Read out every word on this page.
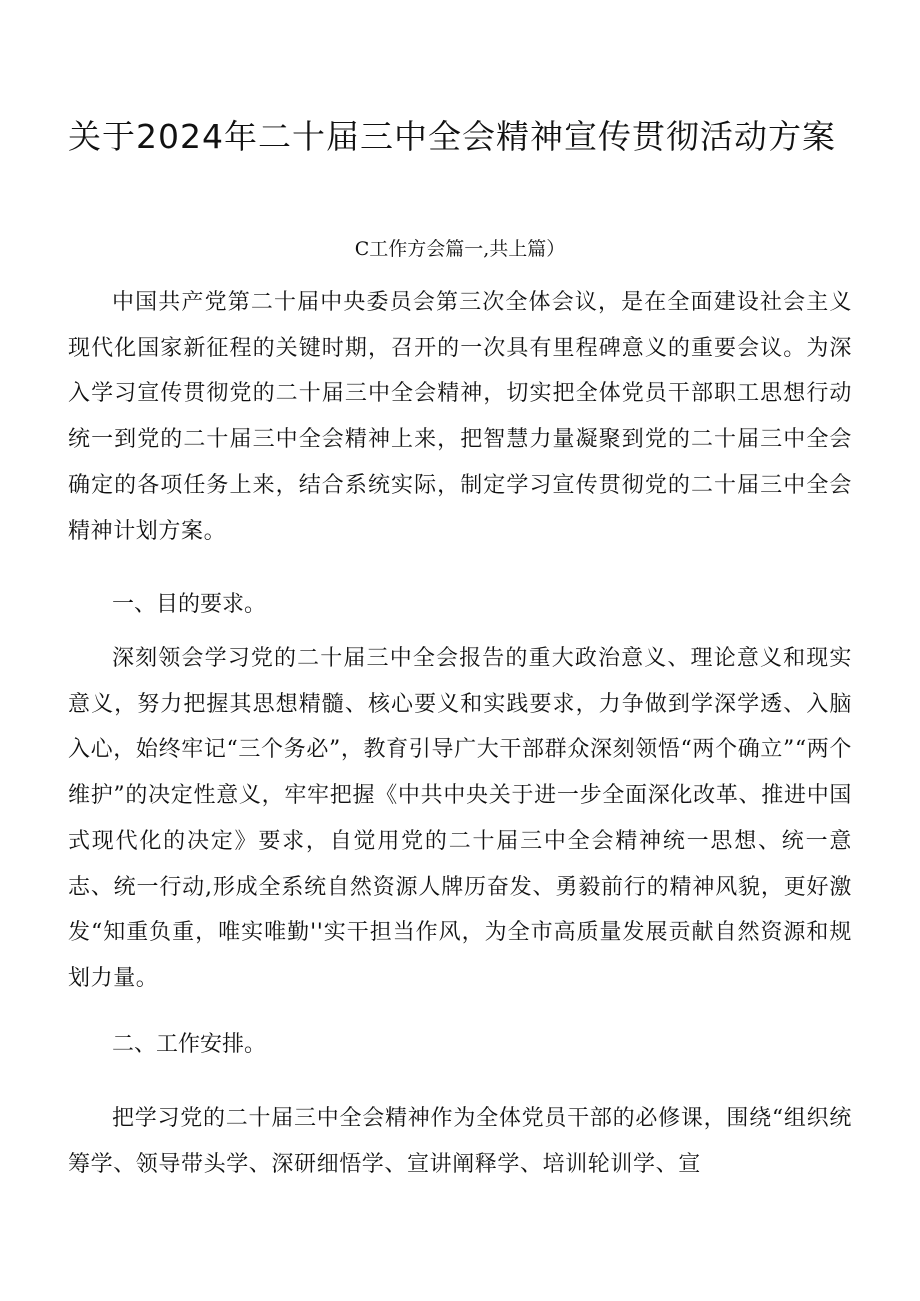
关于2024年二十届三中全会精神宣传贯彻活动方案
C工作方会篇一,共上篇）

中国共产党第二十届中央委员会第三次全体会议，是在全面建设社会主义现代化国家新征程的关键时期，召开的一次具有里程碑意义的重要会议。为深入学习宣传贯彻党的二十届三中全会精神，切实把全体党员干部职工思想行动统一到党的二十届三中全会精神上来，把智慧力量凝聚到党的二十届三中全会确定的各项任务上来，结合系统实际，制定学习宣传贯彻党的二十届三中全会精神计划方案。

一、目的要求。

深刻领会学习党的二十届三中全会报告的重大政治意义、理论意义和现实意义，努力把握其思想精髓、核心要义和实践要求，力争做到学深学透、入脑入心，始终牢记“三个务必”，教育引导广大干部群众深刻领悟“两个确立”“两个维护”的决定性意义，牢牢把握《中共中央关于进一步全面深化改革、推进中国式现代化的决定》要求，自觉用党的二十届三中全会精神统一思想、统一意志、统一行动,形成全系统自然资源人牌历奋发、勇毅前行的精神风貌，更好激发“知重负重，唯实唯勤''实干担当作风，为全市高质量发展贡献自然资源和规划力量。

二、工作安排。

把学习党的二十届三中全会精神作为全体党员干部的必修课，围绕“组织统筹学、领导带头学、深研细悟学、宣讲阐释学、培训轮训学、宣
